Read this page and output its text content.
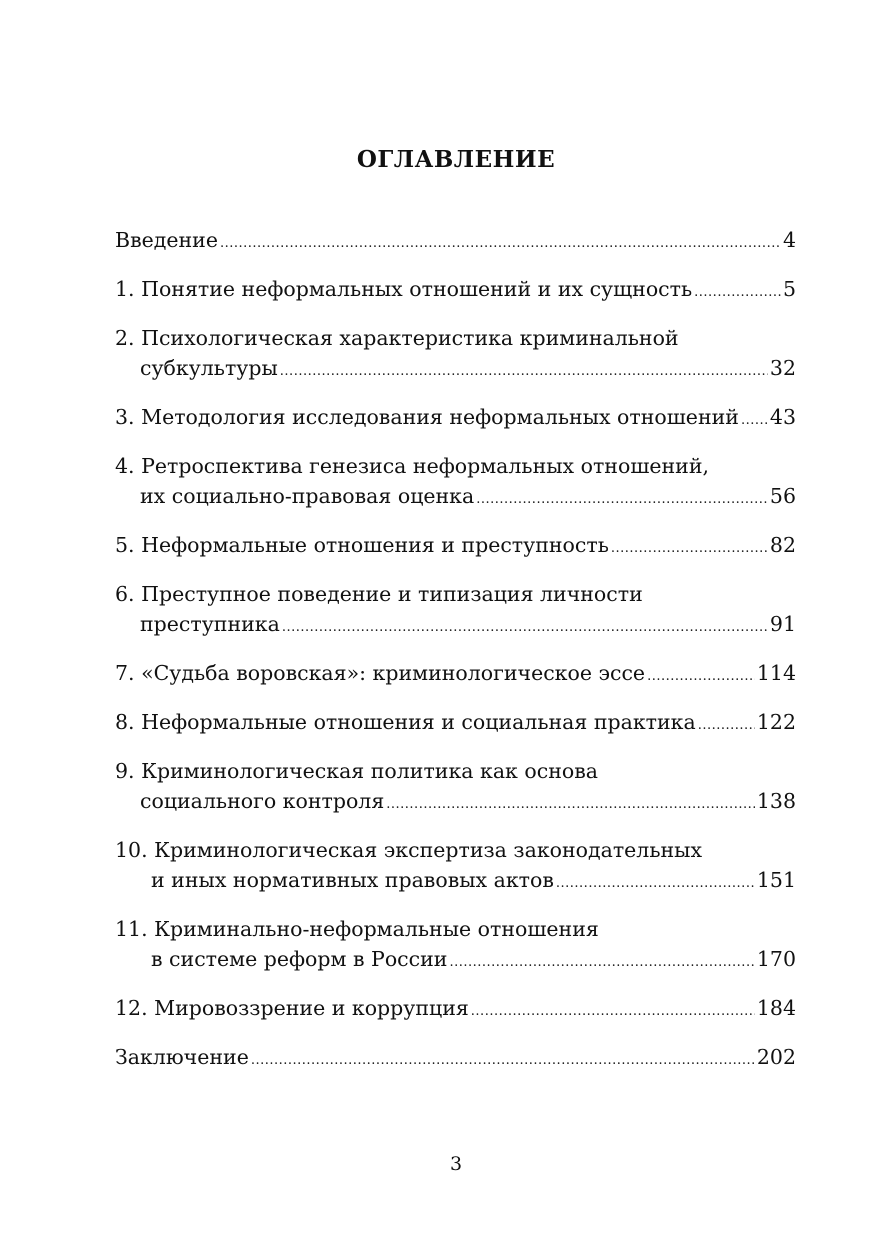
ОГЛАВЛЕНИЕ
Введение .....	4
1. Понятие неформальных отношений и их сущность .....	5
2. Психологическая характеристика криминальной
субкультуры .....	32
3. Методология исследования неформальных отношений ..... 43
4. Ретроспектива генезиса неформальных отношений,
их социально-правовая оценка .....	56
5. Неформальные отношения и преступность .....	82
6. Преступное поведение и типизация личности
преступника .....	91
7. «Судьба воровская»: криминологическое эссе .....	114
8. Неформальные отношения и социальная практика .....	122
9. Криминологическая политика как основа
социального контроля .....	138
10. Криминологическая экспертиза законодательных
и иных нормативных правовых актов .....	151
11. Криминально-неформальные отношения
в системе реформ в России .....	170
12. Мировоззрение и коррупция .....	184
Заключение .....	202
3
